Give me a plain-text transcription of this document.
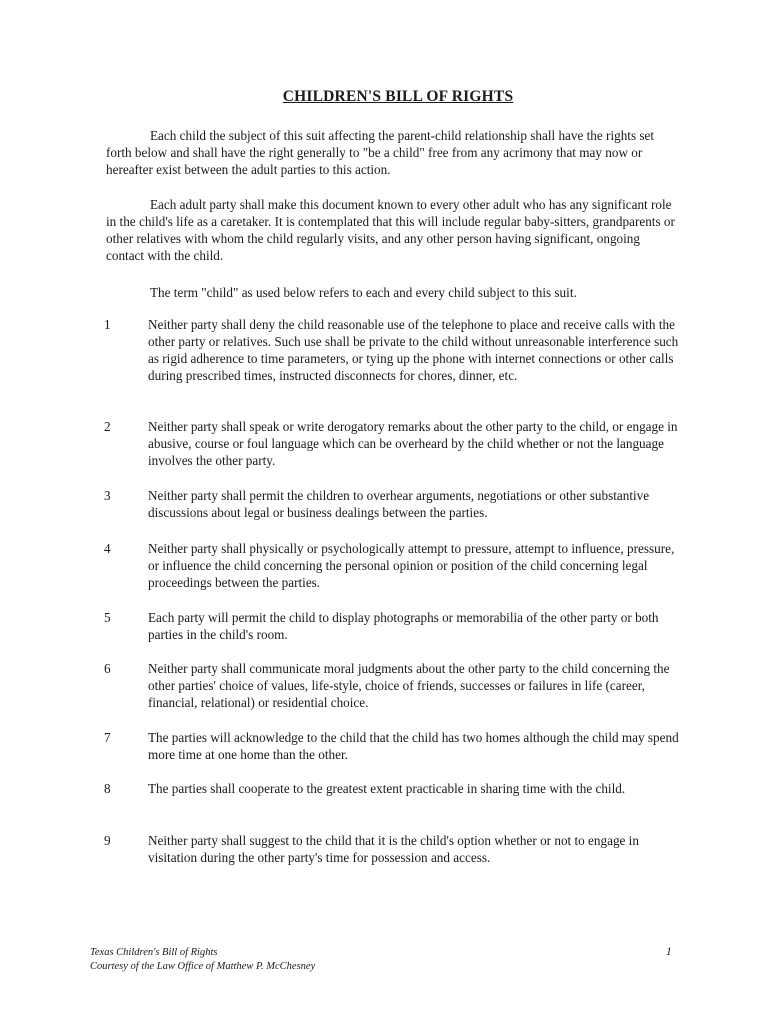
CHILDREN'S BILL OF RIGHTS
Each child the subject of this suit affecting the parent-child relationship shall have the rights set forth below and shall have the right generally to "be a child" free from any acrimony that may now or hereafter exist between the adult parties to this action.
Each adult party shall make this document known to every other adult who has any significant role in the child's life as a caretaker. It is contemplated that this will include regular baby-sitters, grandparents or other relatives with whom the child regularly visits, and any other person having significant, ongoing contact with the child.
The term "child" as used below refers to each and every child subject to this suit.
1	Neither party shall deny the child reasonable use of the telephone to place and receive calls with the other party or relatives. Such use shall be private to the child without unreasonable interference such as rigid adherence to time parameters, or tying up the phone with internet connections or other calls during prescribed times, instructed disconnects for chores, dinner, etc.
2	Neither party shall speak or write derogatory remarks about the other party to the child, or engage in abusive, course or foul language which can be overheard by the child whether or not the language involves the other party.
3	Neither party shall permit the children to overhear arguments, negotiations or other substantive discussions about legal or business dealings between the parties.
4	Neither party shall physically or psychologically attempt to pressure, attempt to influence, pressure, or influence the child concerning the personal opinion or position of the child concerning legal proceedings between the parties.
5	Each party will permit the child to display photographs or memorabilia of the other party or both parties in the child's room.
6	Neither party shall communicate moral judgments about the other party to the child concerning the other parties' choice of values, life-style, choice of friends, successes or failures in life (career, financial, relational) or residential choice.
7	The parties will acknowledge to the child that the child has two homes although the child may spend more time at one home than the other.
8	The parties shall cooperate to the greatest extent practicable in sharing time with the child.
9	Neither party shall suggest to the child that it is the child's option whether or not to engage in visitation during the other party's time for possession and access.
Texas Children's Bill of Rights
Courtesy of the Law Office of Matthew P. McChesney
1
